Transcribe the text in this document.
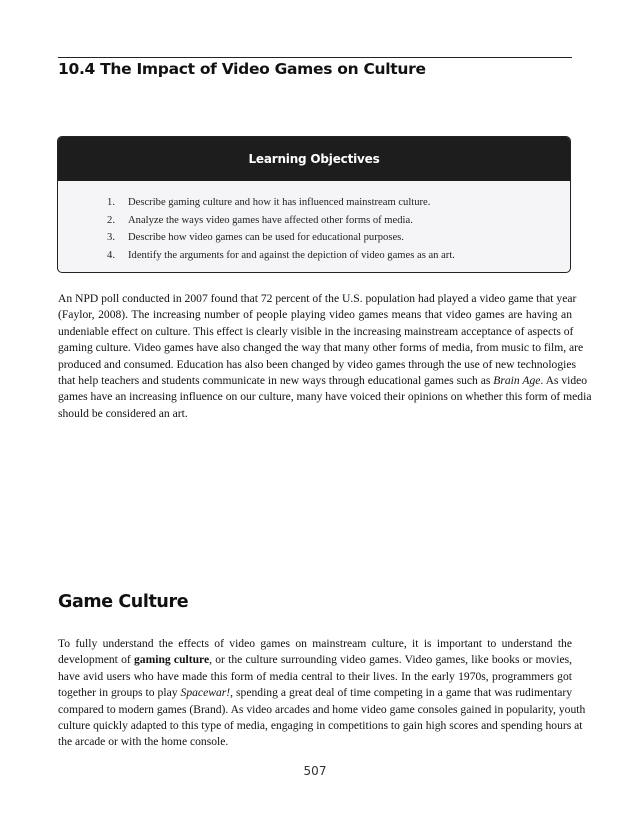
10.4 The Impact of Video Games on Culture
Learning Objectives
1.	Describe gaming culture and how it has influenced mainstream culture.
2.	Analyze the ways video games have affected other forms of media.
3.	Describe how video games can be used for educational purposes.
4.	Identify the arguments for and against the depiction of video games as an art.

An NPD poll conducted in 2007 found that 72 percent of the U.S. population had played a video game that year
(Faylor, 2008). The increasing number of people playing video games means that video games are having an
undeniable effect on culture. This effect is clearly visible in the increasing mainstream acceptance of aspects of
gaming culture. Video games have also changed the way that many other forms of media, from music to film, are
produced and consumed. Education has also been changed by video games through the use of new technologies
that help teachers and students communicate in new ways through educational games such as Brain Age. As video
games have an increasing influence on our culture, many have voiced their opinions on whether this form of media
should be considered an art.

Game Culture

To fully understand the effects of video games on mainstream culture, it is important to understand the
development of gaming culture, or the culture surrounding video games. Video games, like books or movies,
have avid users who have made this form of media central to their lives. In the early 1970s, programmers got
together in groups to play Spacewar!, spending a great deal of time competing in a game that was rudimentary
compared to modern games (Brand). As video arcades and home video game consoles gained in popularity, youth
culture quickly adapted to this type of media, engaging in competitions to gain high scores and spending hours at
the arcade or with the home console.

507
